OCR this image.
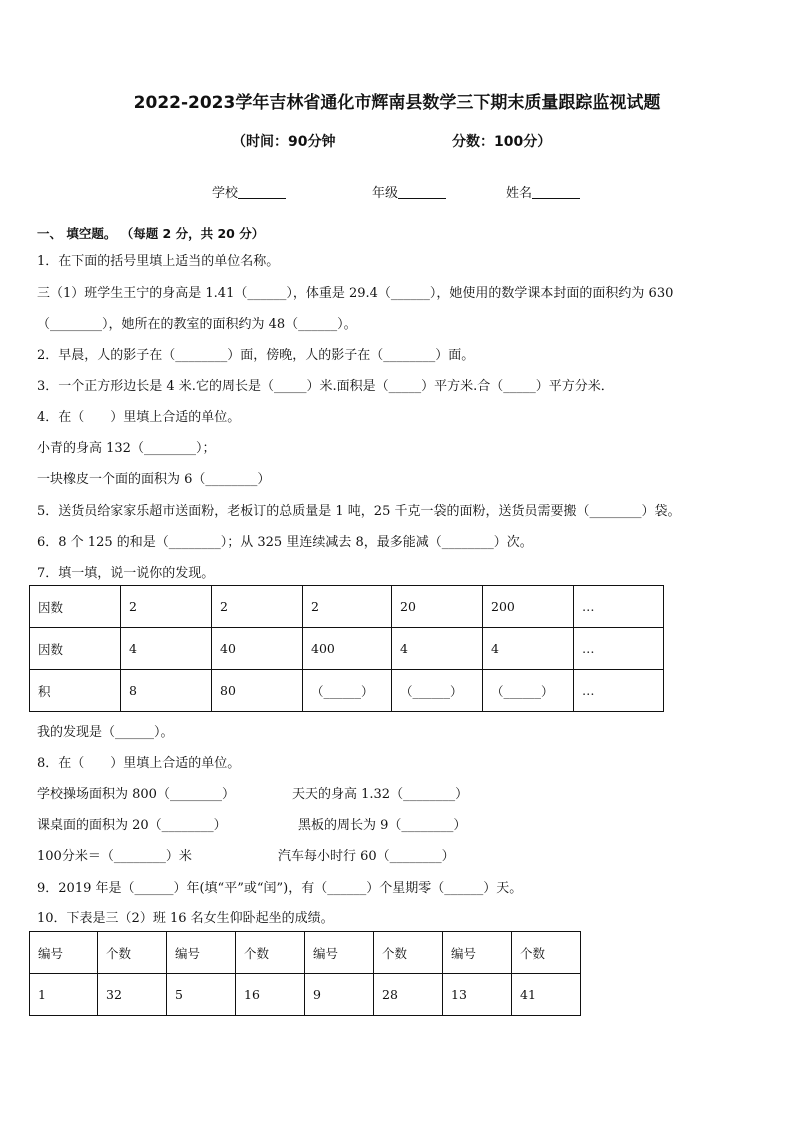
2022-2023学年吉林省通化市辉南县数学三下期末质量跟踪监视试题
（时间：90分钟	分数：100分）
学校	年级	姓名
一、 填空题。 （每题 2 分，共 20 分）
1．在下面的括号里填上适当的单位名称。
三（1）班学生王宁的身高是 1.41（______），体重是 29.4（______），她使用的数学课本封面的面积约为 630
（________），她所在的教室的面积约为 48（______）。
2．早晨，人的影子在（________）面，傍晚，人的影子在（________）面。
3．一个正方形边长是 4 米.它的周长是（_____）米.面积是（_____）平方米.合（_____）平方分米．
4．在（　　）里填上合适的单位。
小青的身高 132（________）；
一块橡皮一个面的面积为 6（________）
5．送货员给家家乐超市送面粉，老板订的总质量是 1 吨，25 千克一袋的面粉，送货员需要搬（________）袋。
6．8 个 125 的和是（________）；从 325 里连续减去 8，最多能减（________）次。
7．填一填，说一说你的发现。
因数	2	2	2	20	200	…
因数	4	40	400	4	4	…
积	8	80	（______）	（______）	（______）	…
我的发现是（______）。
8．在（　　）里填上合适的单位。
学校操场面积为 800（________）	天天的身高 1.32（________）
课桌面的面积为 20（________）	黑板的周长为 9（________）
100分米＝（________）米	汽车每小时行 60（________）
9．2019 年是（______）年(填“平”或“闰”)，有（______）个星期零（______）天。
10．下表是三（2）班 16 名女生仰卧起坐的成绩。
编号	个数	编号	个数	编号	个数	编号	个数
1	32	5	16	9	28	13	41
